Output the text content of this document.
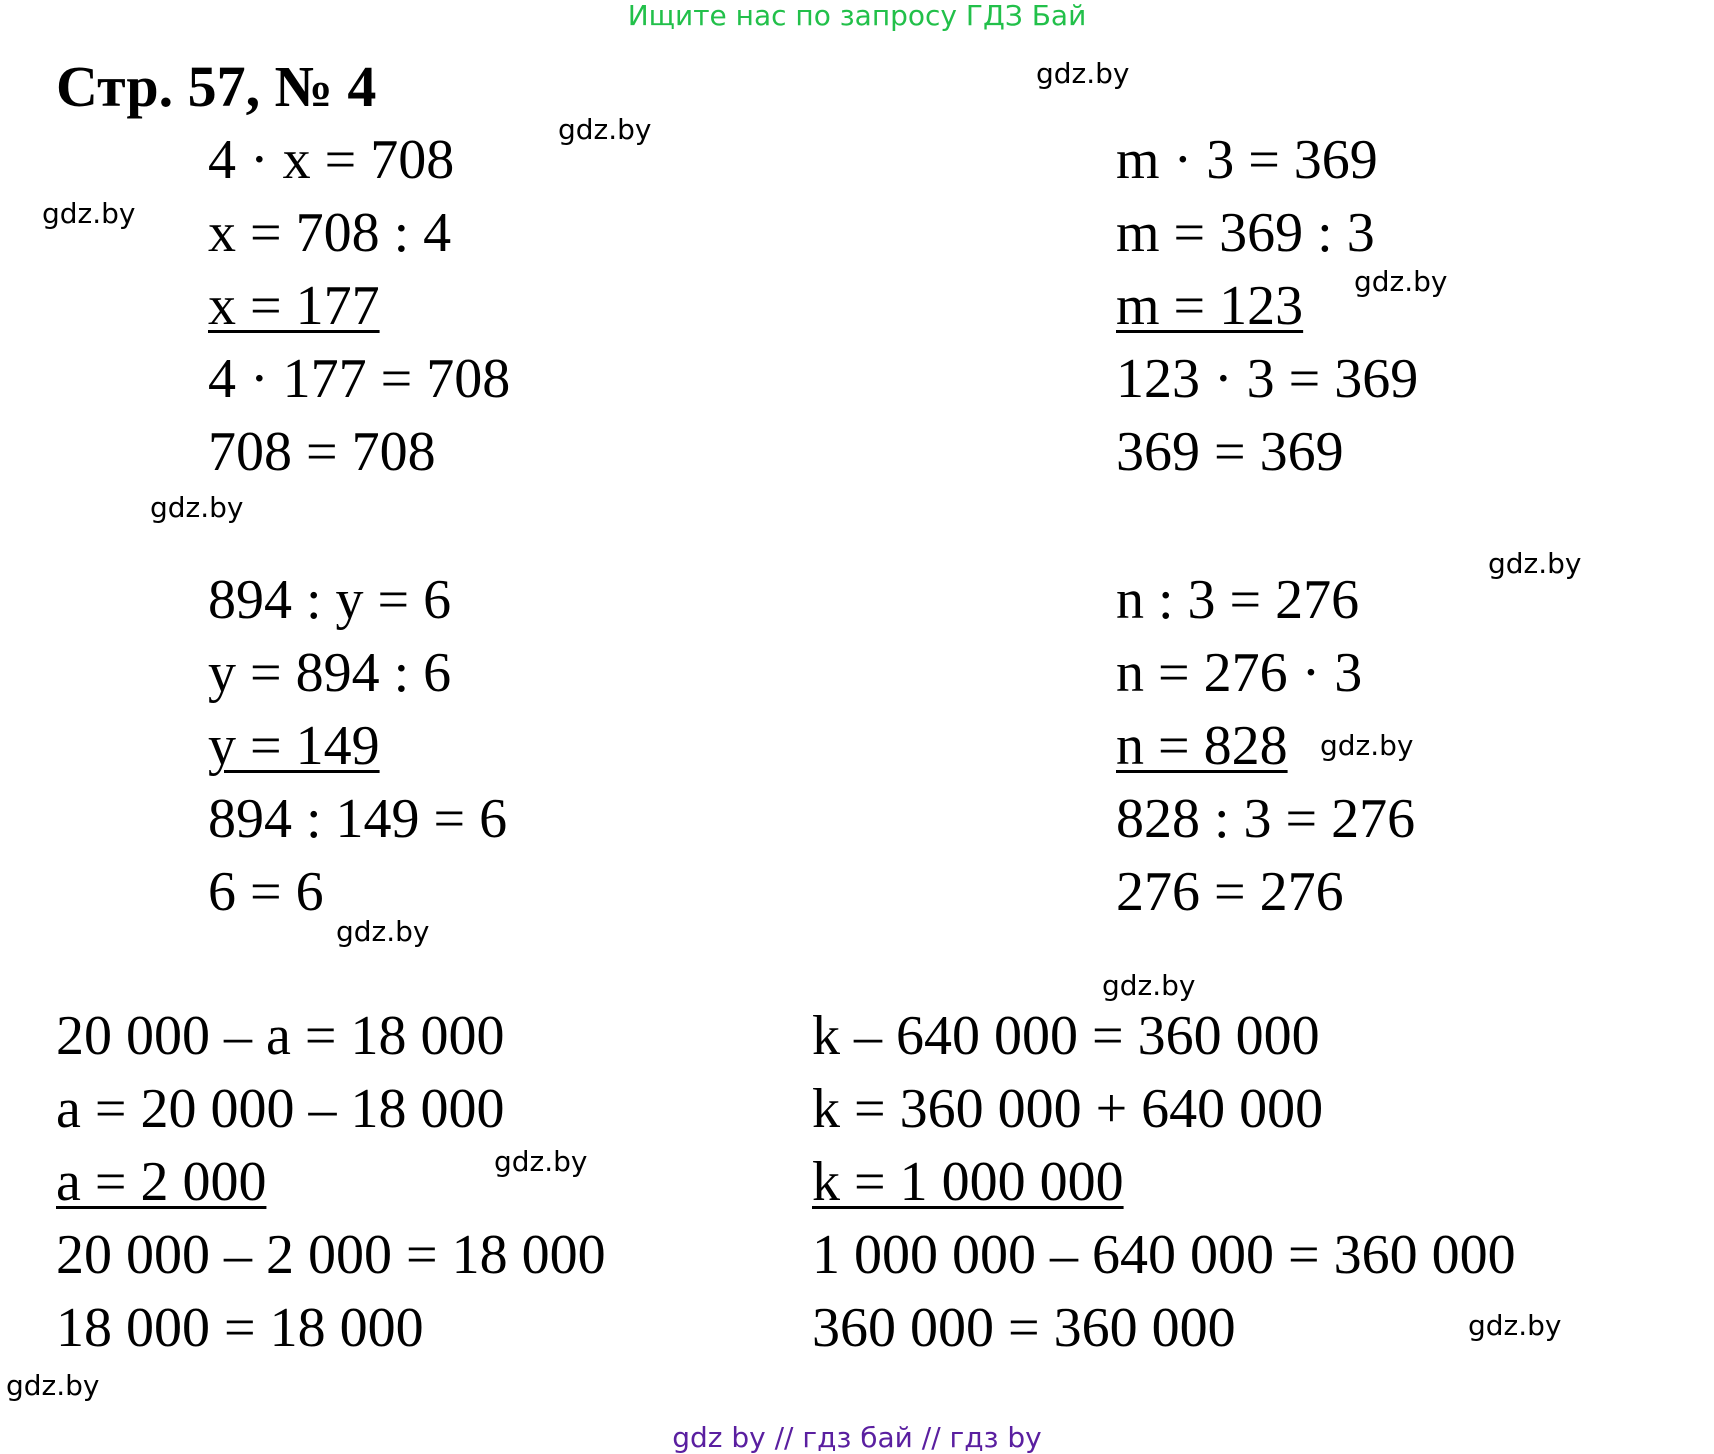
Ищите нас по запросу ГДЗ Бай
Стр. 57, № 4
4 · x = 708
x = 708 : 4
x = 177
4 · 177 = 708
708 = 708
m · 3 = 369
m = 369 : 3
m = 123
123 · 3 = 369
369 = 369
894 : y = 6
y = 894 : 6
y = 149
894 : 149 = 6
6 = 6
n : 3 = 276
n = 276 · 3
n = 828
828 : 3 = 276
276 = 276
20 000 – a = 18 000
a = 20 000 – 18 000
a = 2 000
20 000 – 2 000 = 18 000
18 000 = 18 000
k – 640 000 = 360 000
k = 360 000 + 640 000
k = 1 000 000
1 000 000 – 640 000 = 360 000
360 000 = 360 000
gdz.by
gdz.by
gdz.by
gdz.by
gdz.by
gdz.by
gdz.by
gdz.by
gdz.by
gdz.by
gdz.by
gdz.by
gdz by // гдз бай // гдз by
